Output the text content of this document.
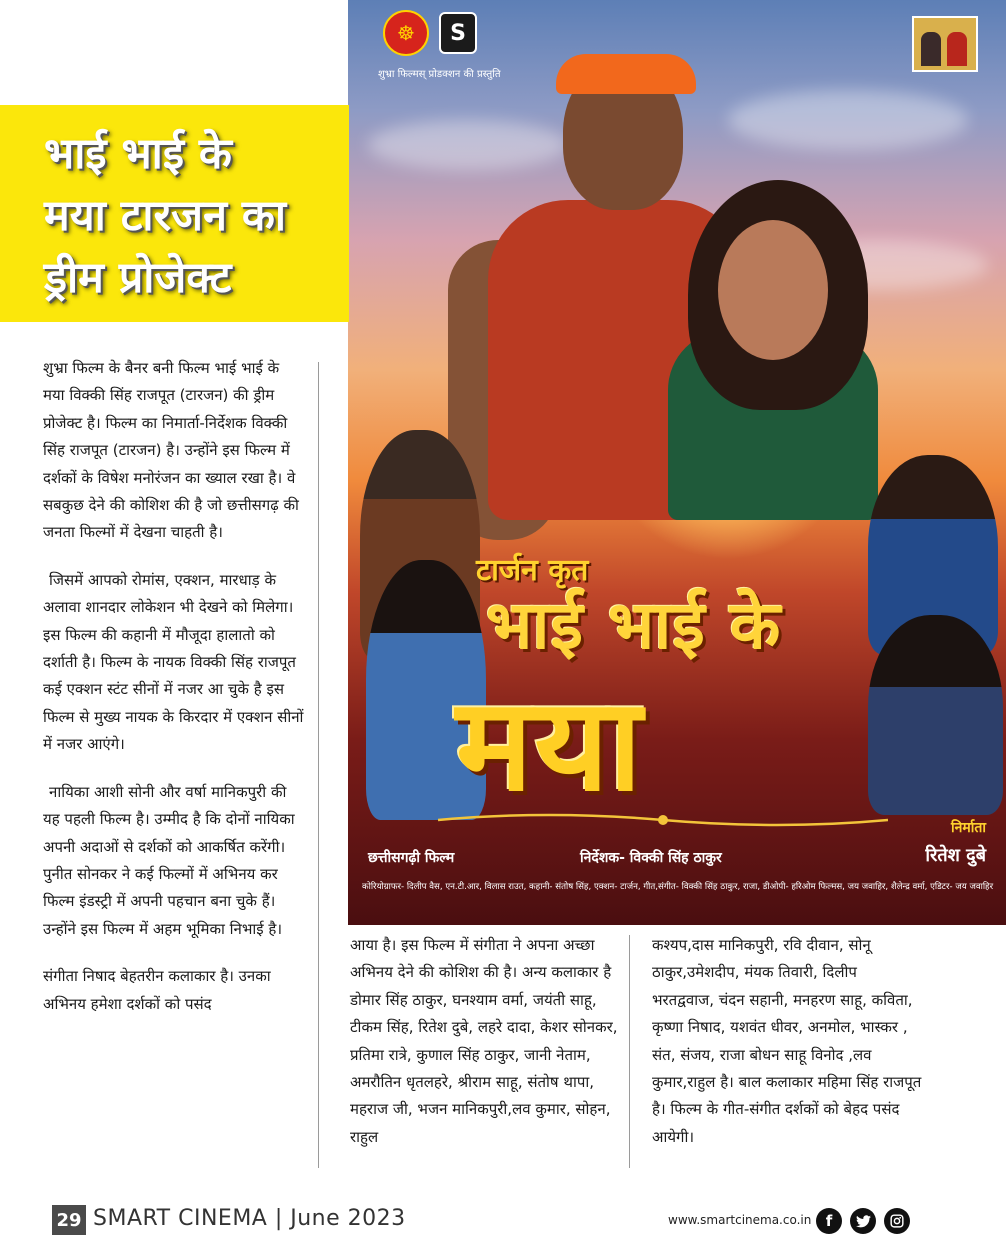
☸	S
शुभ्रा फिल्मस् प्रोडक्शन की प्रस्तुति
टार्जन कृत
भाई भाई के
मया
छत्तीसगढ़ी फिल्म	निर्देशक- विक्की सिंह ठाकुर
निर्माता
रितेश दुबे
कोरियोग्राफर- दिलीप वैस, एन.टी.आर, विलास राउत, कहानी- संतोष सिंह, एक्शन- टार्जन, गीत,संगीत- विक्की सिंह ठाकुर, राजा, डीओपी- हरिओम फिल्मस, जय जवाहिर, शैलेन्द्र वर्मा, एडिटर- जय जवाहिर
भाई भाई के
मया टारजन का
ड्रीम प्रोजेक्ट

शुभ्रा फिल्म के बैनर बनी फिल्म भाई भाई के मया विक्की सिंह राजपूत (टारजन) की ड्रीम प्रोजेक्ट है। फिल्म का निमार्ता-निर्देशक विक्की सिंह राजपूत (टारजन) है। उन्होंने इस फिल्म में दर्शकों के विषेश मनोरंजन का ख्याल रखा है। वे सबकुछ देने की कोशिश की है जो छत्तीसगढ़ की जनता फिल्मों में देखना चाहती है।

जिसमें आपको रोमांस, एक्शन, मारधाड़ के अलावा शानदार लोकेशन भी देखने को मिलेगा। इस फिल्म की कहानी में मौजूदा हालातो को दर्शाती है। फिल्म के नायक विक्की सिंह राजपूत कई एक्शन स्टंट सीनों में नजर आ चुके है इस फिल्म से मुख्य नायक के किरदार में एक्शन सीनों में नजर आएंगे।

नायिका आशी सोनी और वर्षा मानिकपुरी की यह पहली फिल्म है। उम्मीद है कि दोनों नायिका अपनी अदाओं से दर्शकों को आकर्षित करेंगी। पुनीत सोनकर ने कई फिल्मों में अभिनय कर फिल्म इंडस्ट्री में अपनी पहचान बना चुके हैं। उन्होंने इस फिल्म में अहम भूमिका निभाई है।

संगीता निषाद बेहतरीन कलाकार है। उनका अभिनय हमेशा दर्शकों को पसंद

आया है। इस फिल्म में संगीता ने अपना अच्छा अभिनय देने की कोशिश की है। अन्य कलाकार है डोमार सिंह ठाकुर, घनश्याम वर्मा, जयंती साहू, टीकम सिंह, रितेश दुबे, लहरे दादा, केशर सोनकर, प्रतिमा रात्रे, कुणाल सिंह ठाकुर, जानी नेताम, अमरौतिन धृतलहरे, श्रीराम साहू, संतोष थापा, महराज जी, भजन मानिकपुरी,लव कुमार, सोहन, राहुल

कश्यप,दास मानिकपुरी, रवि दीवान, सोनू ठाकुर,उमेशदीप, मंयक तिवारी, दिलीप भरतद्ववाज, चंदन सहानी, मनहरण साहू, कविता, कृष्णा निषाद, यशवंत धीवर, अनमोल, भास्कर , संत, संजय, राजा बोधन साहू विनोद ,लव कुमार,राहुल है। बाल कलाकार महिमा सिंह राजपूत है। फिल्म के गीत-संगीत दर्शकों को बेहद पसंद आयेगी।

29 SMART CINEMA | June 2023	www.smartcinema.co.in f
